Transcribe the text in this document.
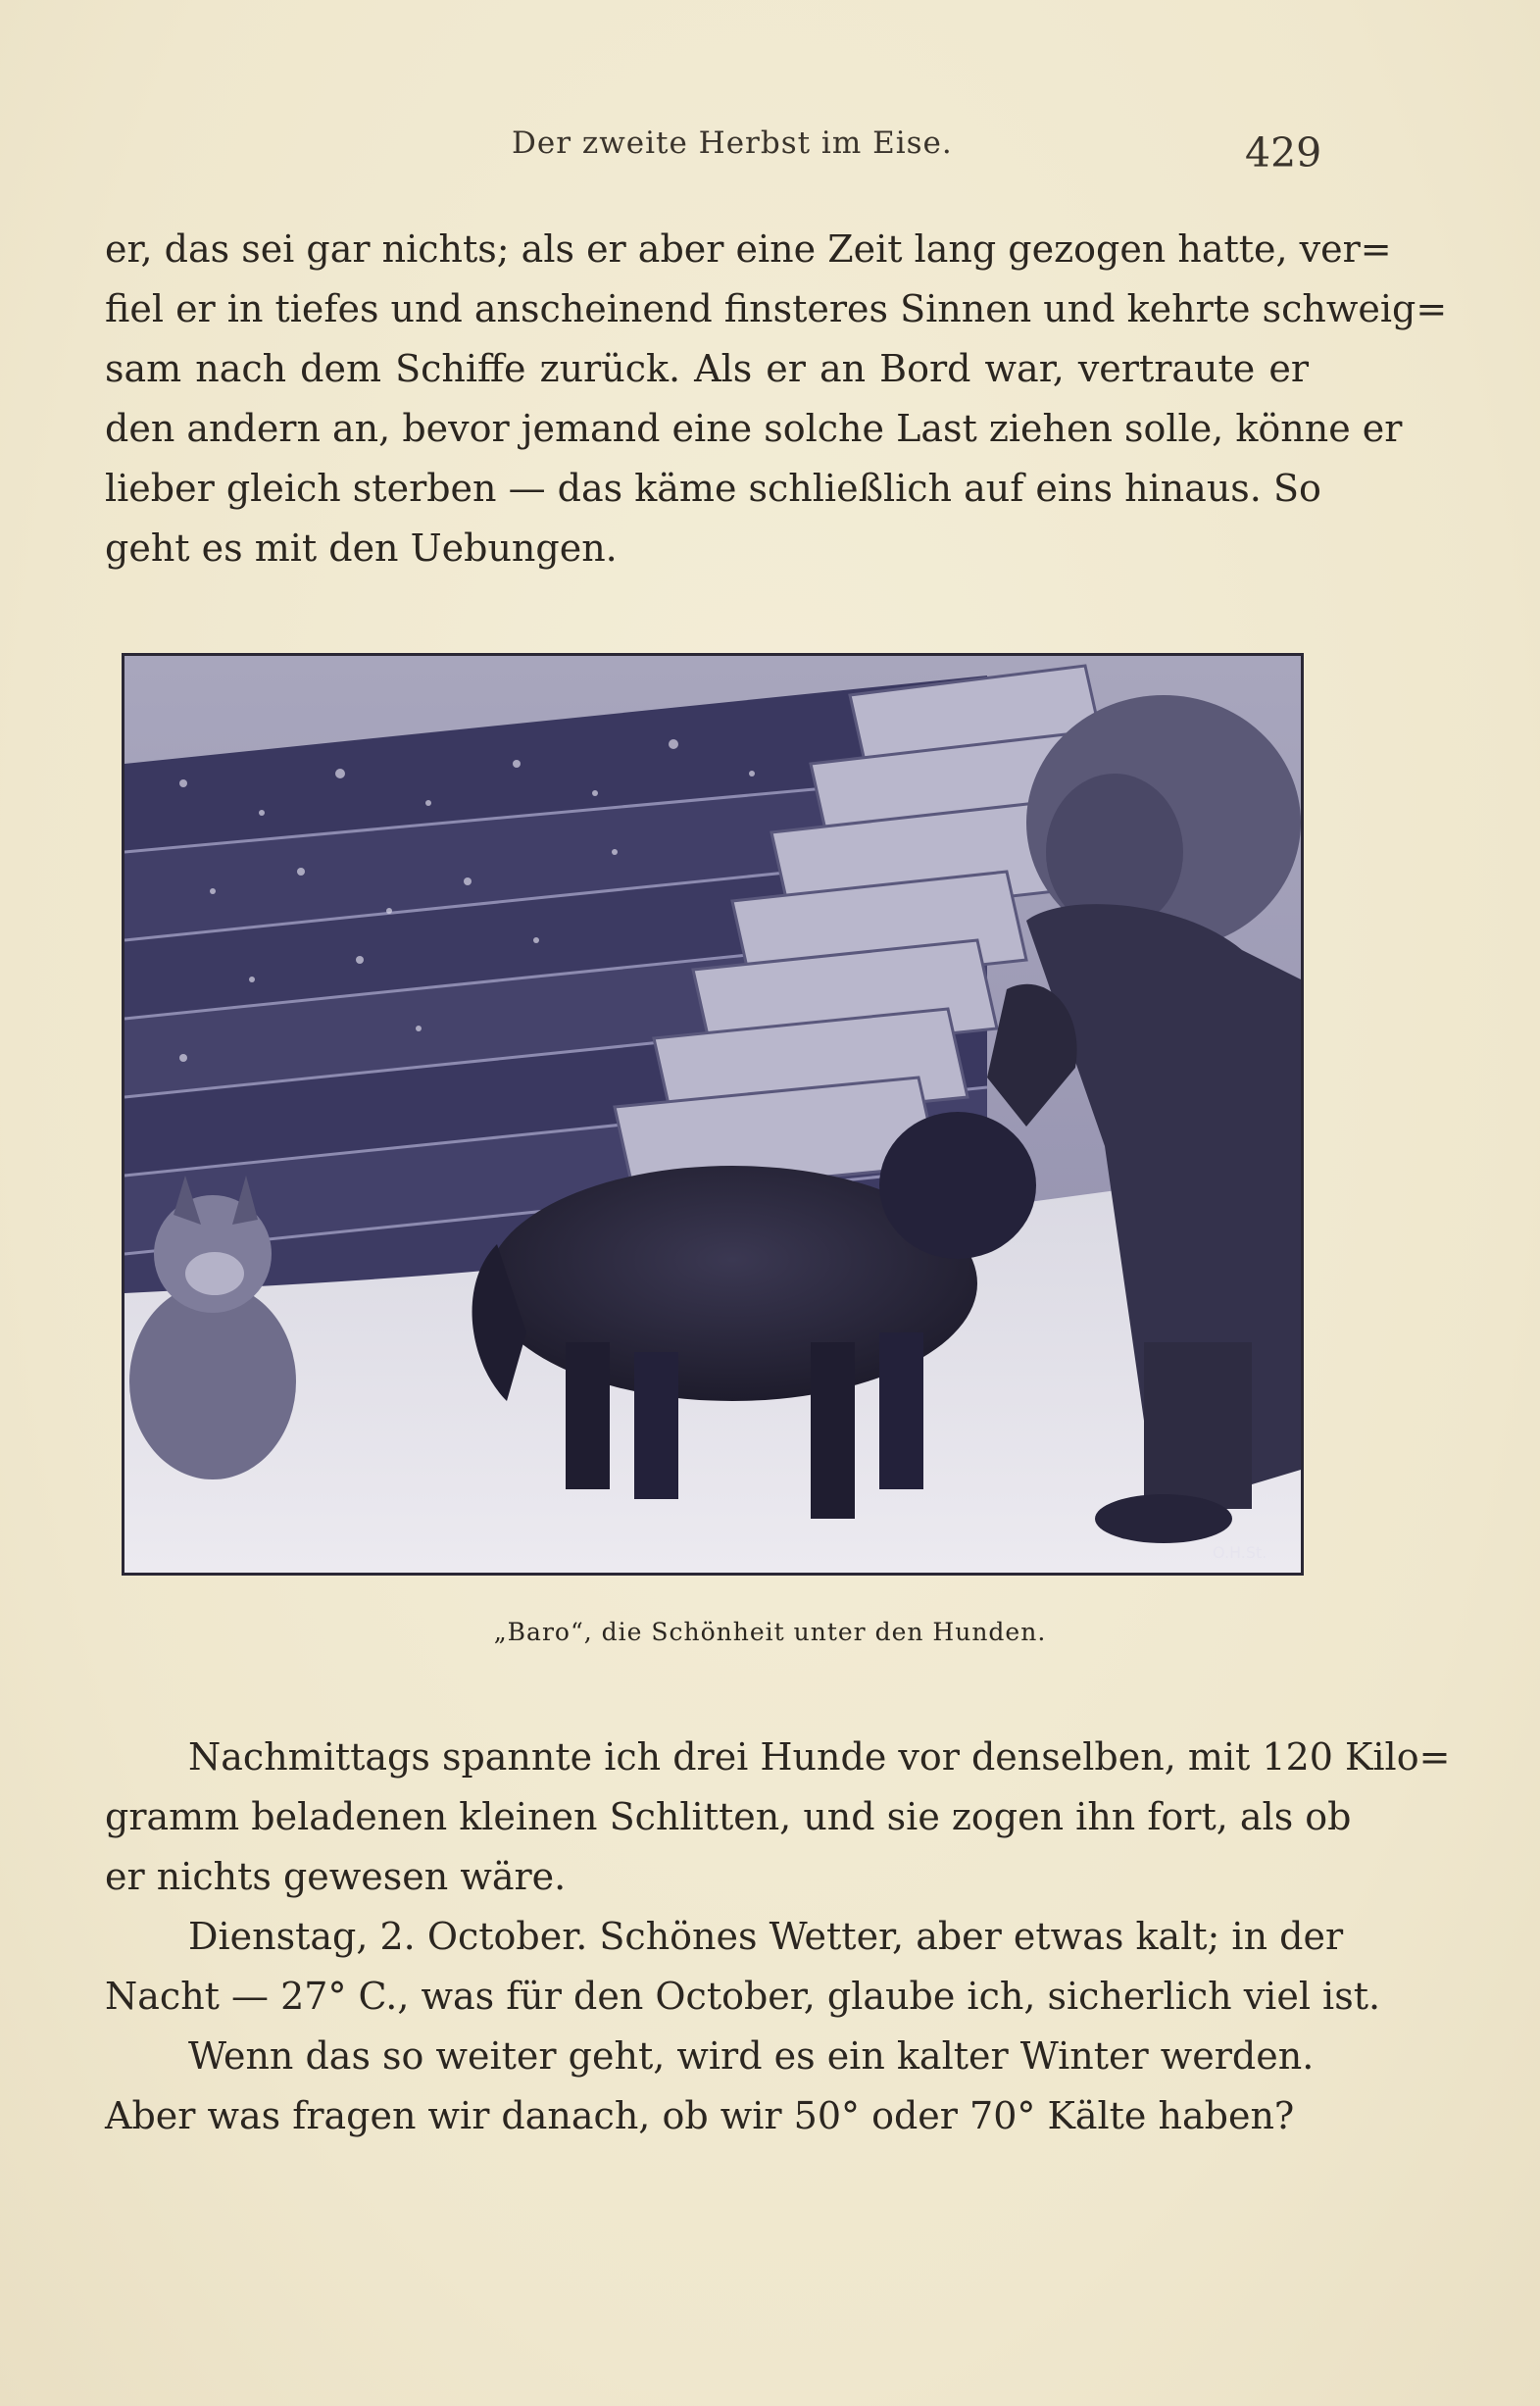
Der zweite Herbst im Eise.	429
er, das sei gar nichts; als er aber eine Zeit lang gezogen hatte, ver=
fiel er in tiefes und anscheinend finsteres Sinnen und kehrte schweig=
sam nach dem Schiffe zurück. Als er an Bord war, vertraute er
den andern an, bevor jemand eine solche Last ziehen solle, könne er
lieber gleich sterben — das käme schließlich auf eins hinaus. So
geht es mit den Uebungen.
O.H.St.
„Baro“, die Schönheit unter den Hunden.
Nachmittags spannte ich drei Hunde vor denselben, mit 120 Kilo=
gramm beladenen kleinen Schlitten, und sie zogen ihn fort, als ob
er nichts gewesen wäre.
Dienstag, 2. October. Schönes Wetter, aber etwas kalt; in der
Nacht — 27° C., was für den October, glaube ich, sicherlich viel ist.
Wenn das so weiter geht, wird es ein kalter Winter werden.
Aber was fragen wir danach, ob wir 50° oder 70° Kälte haben?
